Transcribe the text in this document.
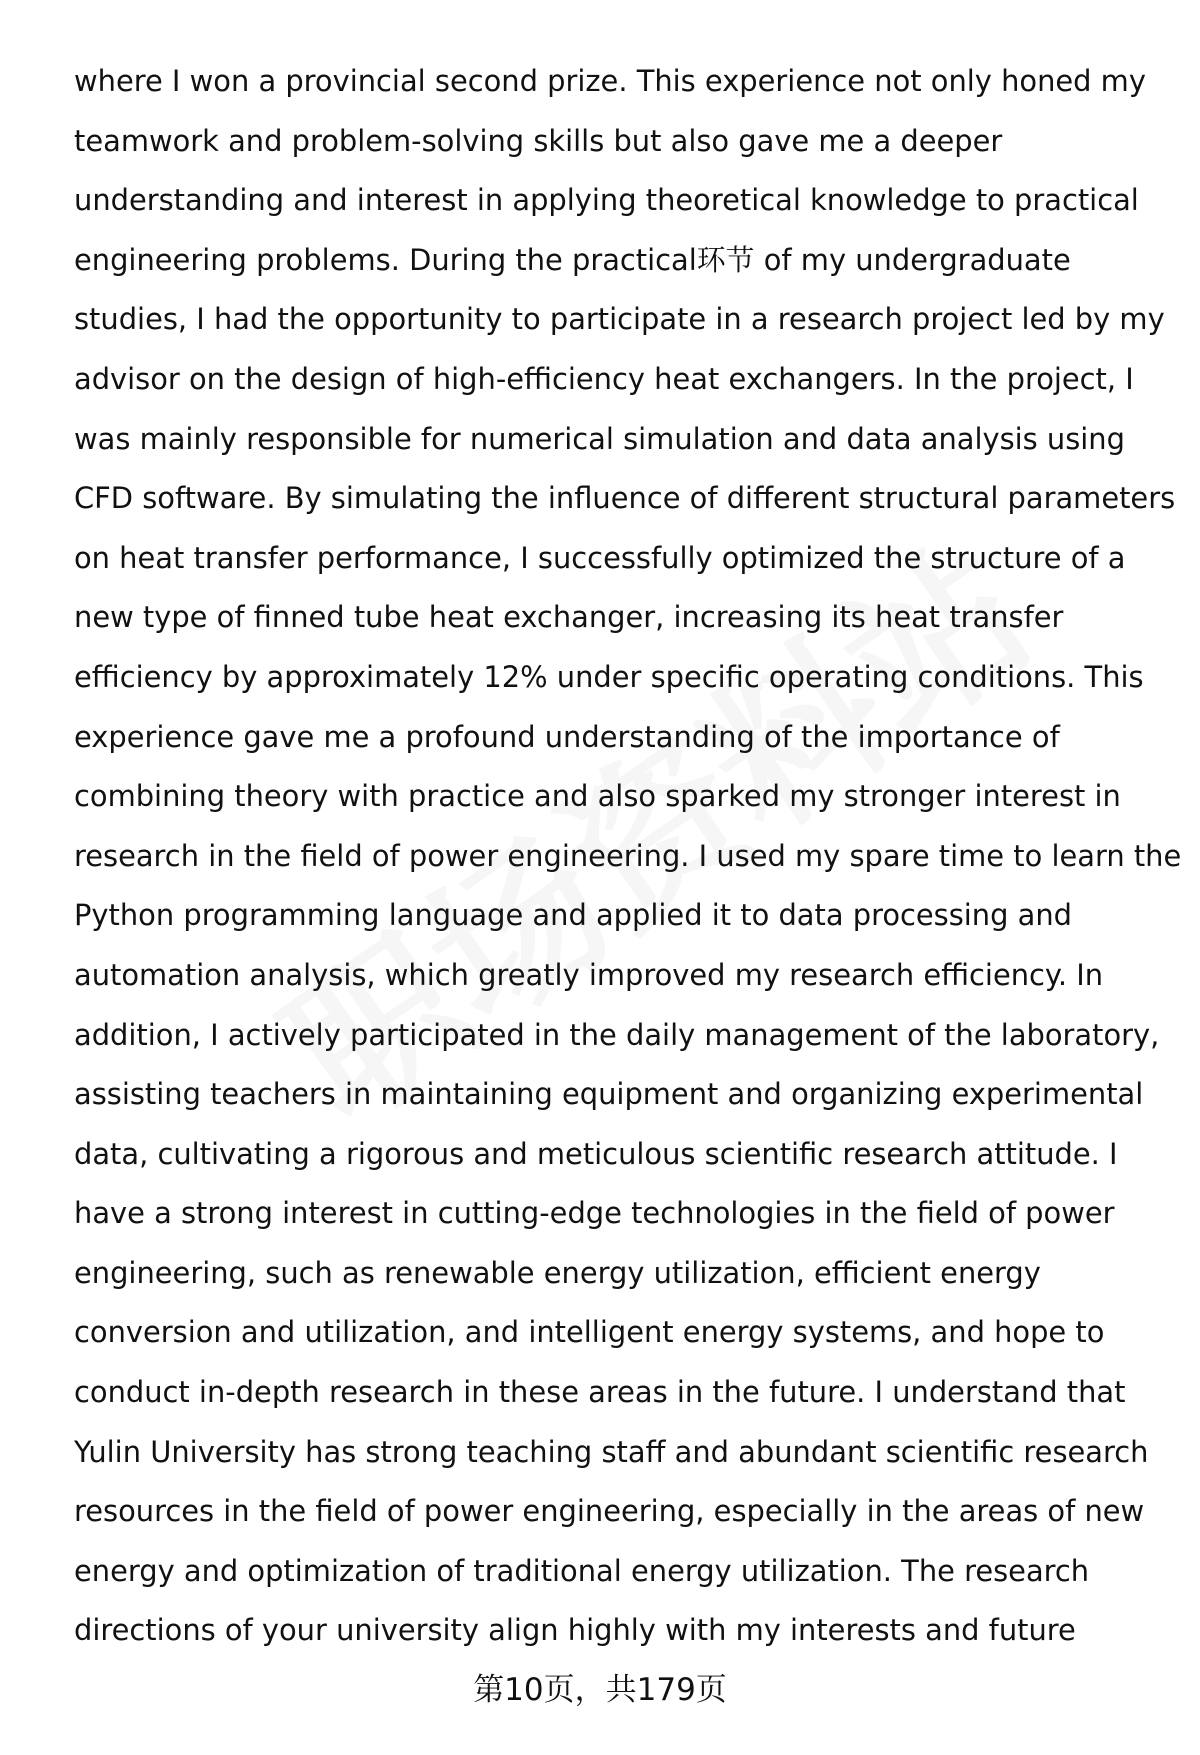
where I won a provincial second prize. This experience not only honed my
teamwork and problem-solving skills but also gave me a deeper
understanding and interest in applying theoretical knowledge to practical
engineering problems. During the practical环节 of my undergraduate
studies, I had the opportunity to participate in a research project led by my
advisor on the design of high-efficiency heat exchangers. In the project, I
was mainly responsible for numerical simulation and data analysis using
CFD software. By simulating the influence of different structural parameters
on heat transfer performance, I successfully optimized the structure of a
new type of finned tube heat exchanger, increasing its heat transfer
efficiency by approximately 12% under specific operating conditions. This
experience gave me a profound understanding of the importance of
combining theory with practice and also sparked my stronger interest in
research in the field of power engineering. I used my spare time to learn the
Python programming language and applied it to data processing and
automation analysis, which greatly improved my research efficiency. In
addition, I actively participated in the daily management of the laboratory,
assisting teachers in maintaining equipment and organizing experimental
data, cultivating a rigorous and meticulous scientific research attitude. I
have a strong interest in cutting-edge technologies in the field of power
engineering, such as renewable energy utilization, efficient energy
conversion and utilization, and intelligent energy systems, and hope to
conduct in-depth research in these areas in the future. I understand that
Yulin University has strong teaching staff and abundant scientific research
resources in the field of power engineering, especially in the areas of new
energy and optimization of traditional energy utilization. The research
directions of your university align highly with my interests and future
第10页，共179页
